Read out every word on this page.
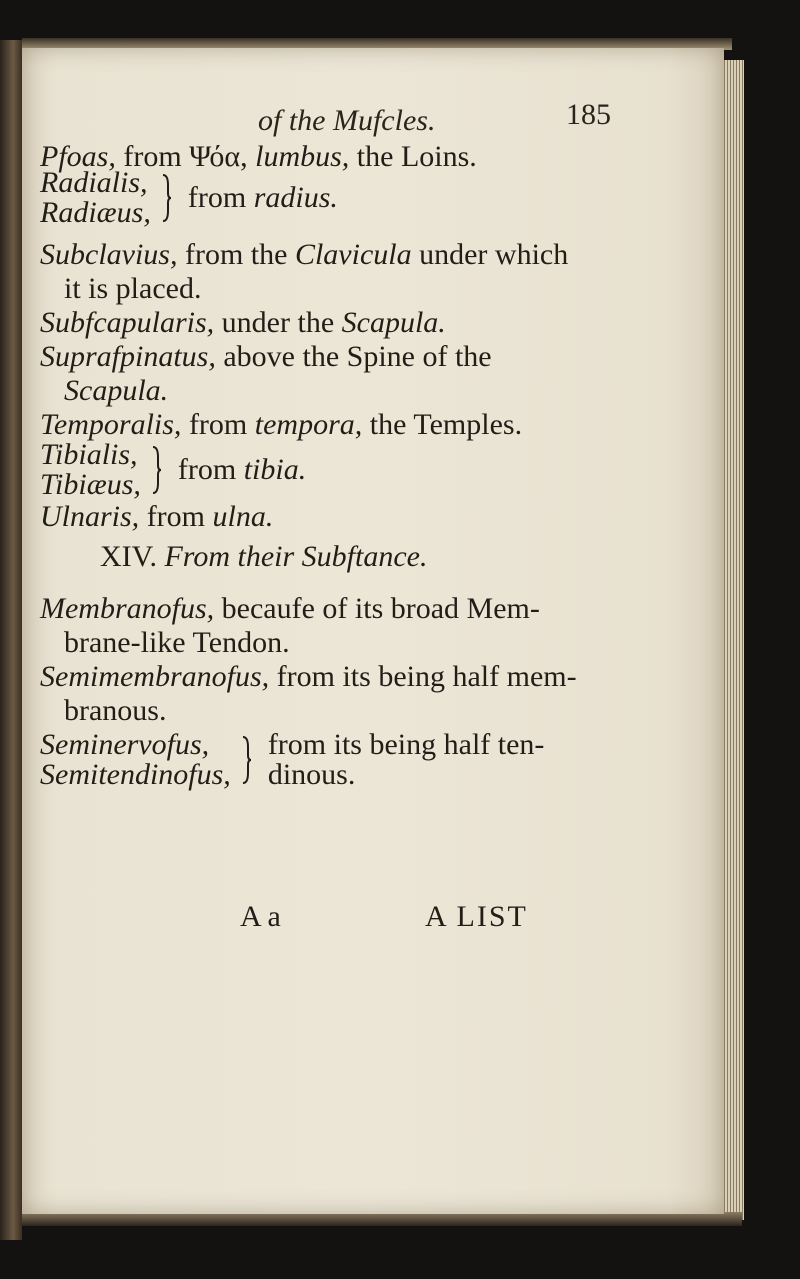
of the Mufcles.	185
Pfoas, from Ψόα, lumbus, the Loins.
Radialis,
Radiæus, from radius.
Subclavius, from the Clavicula under which
it is placed.
Subfcapularis, under the Scapula.
Suprafpinatus, above the Spine of the
Scapula.
Temporalis, from tempora, the Temples.
Tibialis,
Tibiæus, from tibia.
Ulnaris, from ulna.
XIV. From their Subftance.
Membranofus, becaufe of its broad Mem-
brane-like Tendon.
Semimembranofus, from its being half mem-
branous.
Seminervofus,
Semitendinofus,  from its being half ten-
dinous.
A a	A LIST
